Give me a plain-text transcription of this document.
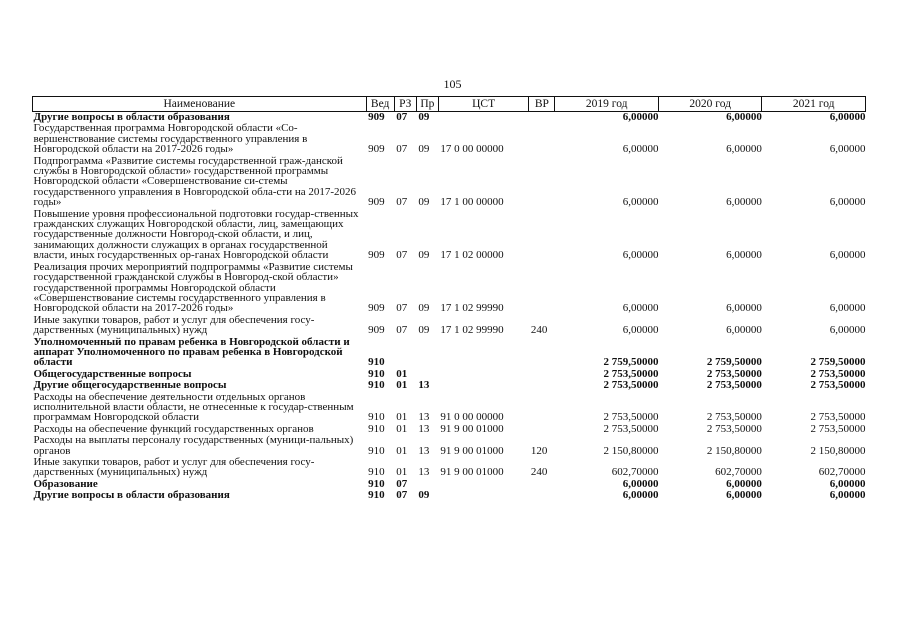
105
Наименование	Вед	РЗ	Пр	ЦСТ	ВР	2019 год	2020 год	2021 год
Другие вопросы в области образования	909	07	09			6,00000	6,00000	6,00000
Государственная программа Новгородской области «Со-вершенствование системы государственного управления в Новгородской области на 2017-2026 годы»	909	07	09	17 0 00 00000		6,00000	6,00000	6,00000
Подпрограмма «Развитие системы государственной граж-данской службы в Новгородской области» государственной программы Новгородской области «Совершенствование си-стемы государственного управления в Новгородской обла-сти на 2017-2026 годы»	909	07	09	17 1 00 00000		6,00000	6,00000	6,00000
Повышение уровня профессиональной подготовки государ-ственных гражданских служащих Новгородской области, лиц, замещающих государственные должности Новгород-ской области, и лиц, занимающих должности служащих в органах государственной власти, иных государственных ор-ганах Новгородской области	909	07	09	17 1 02 00000		6,00000	6,00000	6,00000
Реализация прочих мероприятий подпрограммы «Развитие системы государственной гражданской службы в Новгород-ской области» государственной программы Новгородской области «Совершенствование системы государственного управления в Новгородской области на 2017-2026 годы»	909	07	09	17 1 02 99990		6,00000	6,00000	6,00000
Иные закупки товаров, работ и услуг для обеспечения госу-дарственных (муниципальных) нужд	909	07	09	17 1 02 99990	240	6,00000	6,00000	6,00000
Уполномоченный по правам ребенка в Новгородской области и аппарат Уполномоченного по правам ребенка в Новгородской области	910					2 759,50000	2 759,50000	2 759,50000
Общегосударственные вопросы	910	01				2 753,50000	2 753,50000	2 753,50000
Другие общегосударственные вопросы	910	01	13			2 753,50000	2 753,50000	2 753,50000
Расходы на обеспечение деятельности отдельных органов исполнительной власти области, не отнесенные к государ-ственным программам Новгородской области	910	01	13	91 0 00 00000		2 753,50000	2 753,50000	2 753,50000
Расходы на обеспечение функций государственных органов	910	01	13	91 9 00 01000		2 753,50000	2 753,50000	2 753,50000
Расходы на выплаты персоналу государственных (муници-пальных) органов	910	01	13	91 9 00 01000	120	2 150,80000	2 150,80000	2 150,80000
Иные закупки товаров, работ и услуг для обеспечения госу-дарственных (муниципальных) нужд	910	01	13	91 9 00 01000	240	602,70000	602,70000	602,70000
Образование	910	07				6,00000	6,00000	6,00000
Другие вопросы в области образования	910	07	09			6,00000	6,00000	6,00000
